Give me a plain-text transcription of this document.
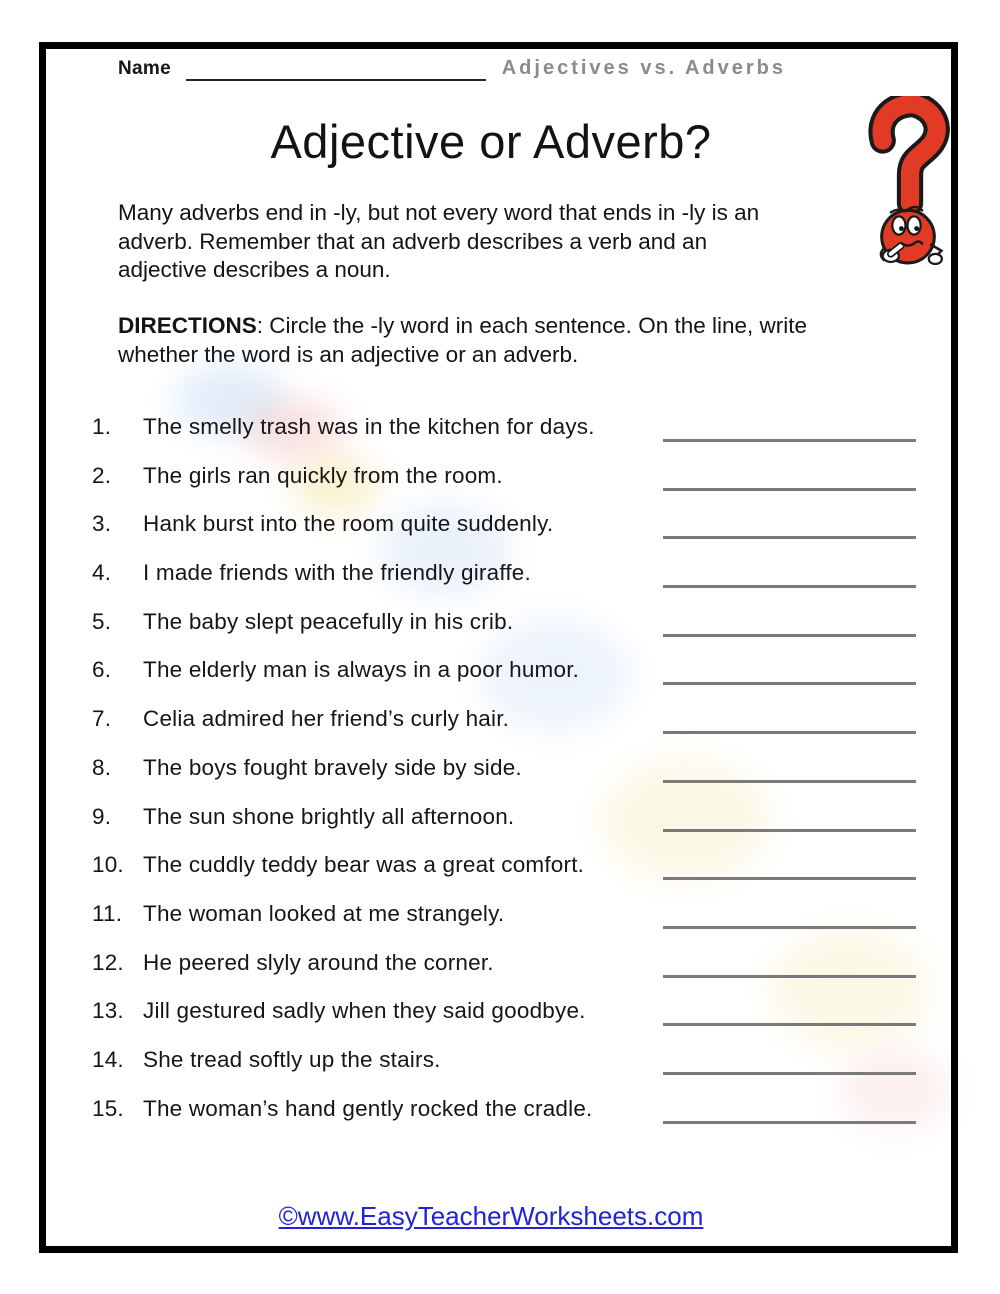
Name	Adjectives vs. Adverbs
Adjective or Adverb?
Many adverbs end in -ly, but not every word that ends in -ly is an
adverb. Remember that an adverb describes a verb and an
adjective describes a noun.
DIRECTIONS: Circle the -ly word in each sentence. On the line, write
whether the word is an adjective or an adverb.
1. The smelly trash was in the kitchen for days.
2. The girls ran quickly from the room.
3. Hank burst into the room quite suddenly.
4. I made friends with the friendly giraffe.
5. The baby slept peacefully in his crib.
6. The elderly man is always in a poor humor.
7. Celia admired her friend’s curly hair.
8. The boys fought bravely side by side.
9. The sun shone brightly all afternoon.
10. The cuddly teddy bear was a great comfort.
11. The woman looked at me strangely.
12. He peered slyly around the corner.
13. Jill gestured sadly when they said goodbye.
14. She tread softly up the stairs.
15. The woman’s hand gently rocked the cradle.
©www.EasyTeacherWorksheets.com
